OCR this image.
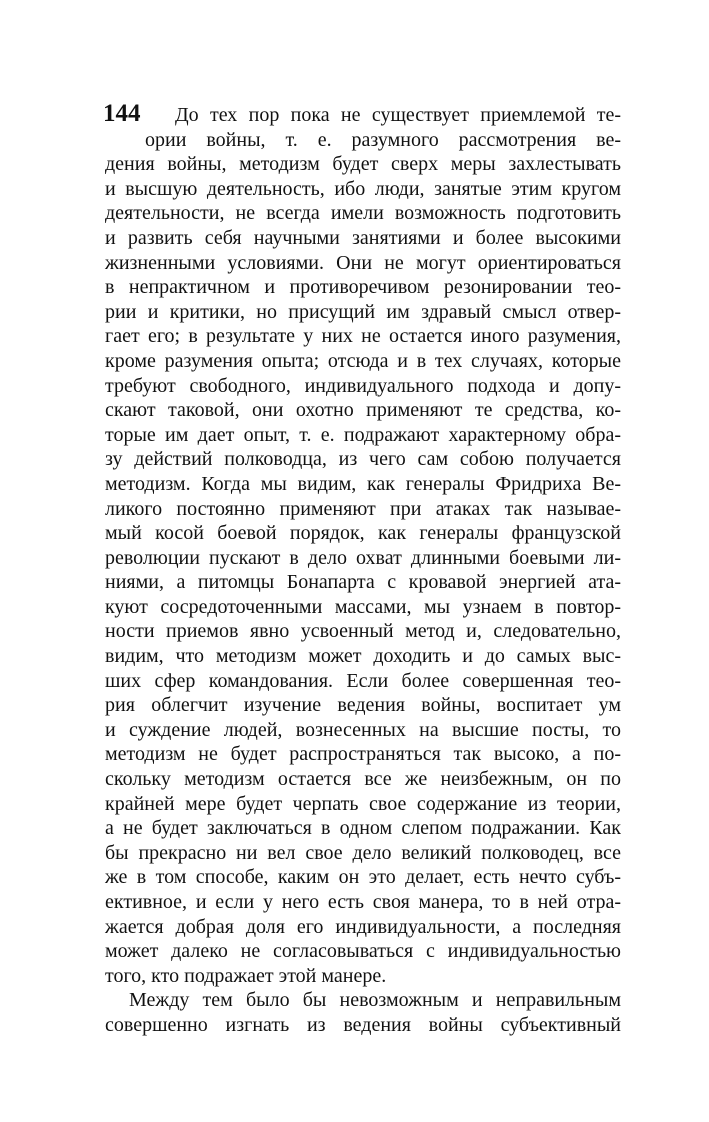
144 До тех пор пока не существует приемлемой те-
ории войны, т. е. разумного рассмотрения ве-
дения войны, методизм будет сверх меры захлестывать
и высшую деятельность, ибо люди, занятые этим кругом
деятельности, не всегда имели возможность подготовить
и развить себя научными занятиями и более высокими
жизненными условиями. Они не могут ориентироваться
в непрактичном и противоречивом резонировании тео-
рии и критики, но присущий им здравый смысл отвер-
гает его; в результате у них не остается иного разумения,
кроме разумения опыта; отсюда и в тех случаях, которые
требуют свободного, индивидуального подхода и допу-
скают таковой, они охотно применяют те средства, ко-
торые им дает опыт, т. е. подражают характерному обра-
зу действий полководца, из чего сам собою получается
методизм. Когда мы видим, как генералы Фридриха Ве-
ликого постоянно применяют при атаках так называе-
мый косой боевой порядок, как генералы французской
революции пускают в дело охват длинными боевыми ли-
ниями, а питомцы Бонапарта с кровавой энергией ата-
куют сосредоточенными массами, мы узнаем в повтор-
ности приемов явно усвоенный метод и, следовательно,
видим, что методизм может доходить и до самых выс-
ших сфер командования. Если более совершенная тео-
рия облегчит изучение ведения войны, воспитает ум
и суждение людей, вознесенных на высшие посты, то
методизм не будет распространяться так высоко, а по-
скольку методизм остается все же неизбежным, он по
крайней мере будет черпать свое содержание из теории,
а не будет заключаться в одном слепом подражании. Как
бы прекрасно ни вел свое дело великий полководец, все
же в том способе, каким он это делает, есть нечто субъ-
ективное, и если у него есть своя манера, то в ней отра-
жается добрая доля его индивидуальности, а последняя
может далеко не согласовываться с индивидуальностью
того, кто подражает этой манере.
Между тем было бы невозможным и неправильным
совершенно изгнать из ведения войны субъективный
